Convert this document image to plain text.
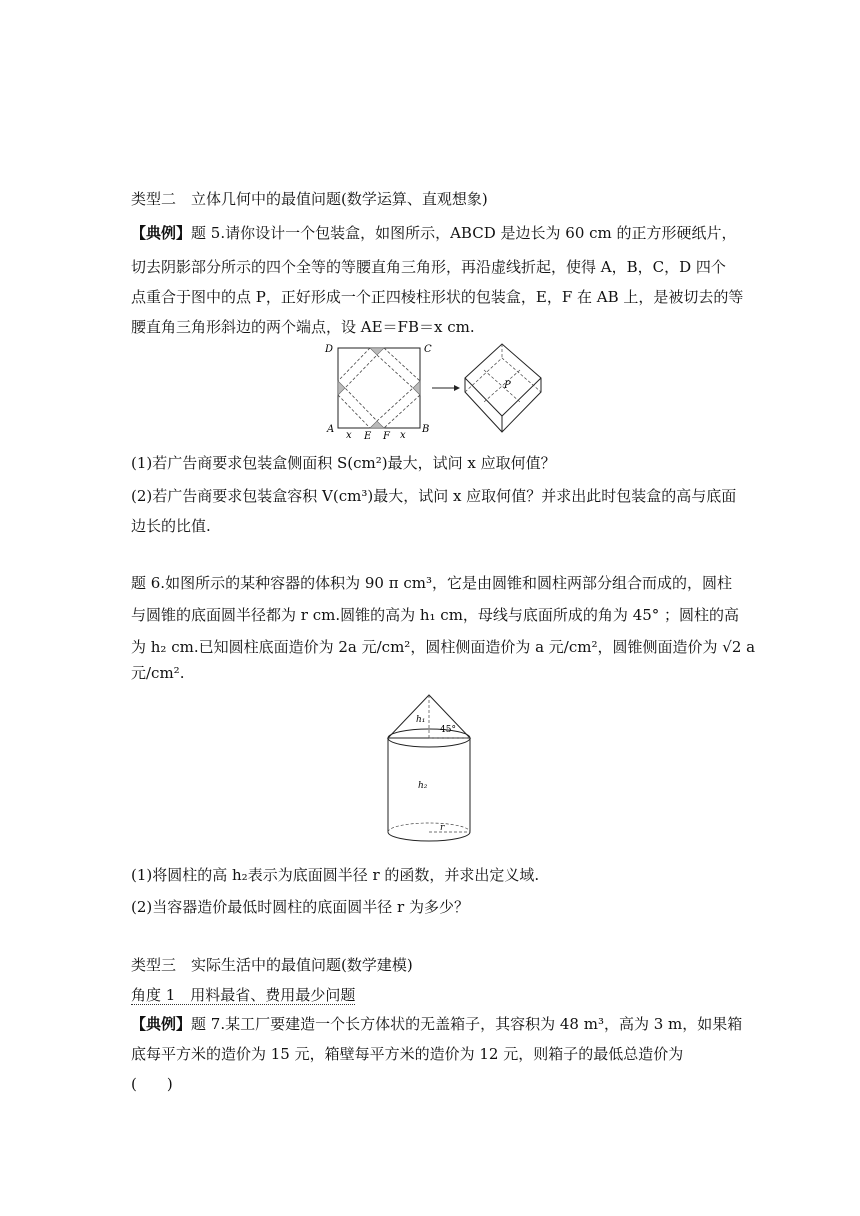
类型二　立体几何中的最值问题(数学运算、直观想象)
【典例】题 5.请你设计一个包装盒，如图所示，ABCD 是边长为 60 cm 的正方形硬纸片，
切去阴影部分所示的四个全等的等腰直角三角形，再沿虚线折起，使得 A，B，C，D 四个
点重合于图中的点 P，正好形成一个正四棱柱形状的包装盒，E，F 在 AB 上，是被切去的等
腰直角三角形斜边的两个端点，设 AE＝FB＝x cm.
D	C
A	B
x E F x
P
(1)若广告商要求包装盒侧面积 S(cm²)最大，试问 x 应取何值？
(2)若广告商要求包装盒容积 V(cm³)最大，试问 x 应取何值？并求出此时包装盒的高与底面
边长的比值.
题 6.如图所示的某种容器的体积为 90 π cm³，它是由圆锥和圆柱两部分组合而成的，圆柱
与圆锥的底面圆半径都为 r cm.圆锥的高为 h₁ cm，母线与底面所成的角为 45° ；圆柱的高
为 h₂ cm.已知圆柱底面造价为 2a 元/cm²，圆柱侧面造价为 a 元/cm²，圆锥侧面造价为 √2 a
元/cm².
h₁
45°
h₂
r
(1)将圆柱的高 h₂表示为底面圆半径 r 的函数，并求出定义域.
(2)当容器造价最低时圆柱的底面圆半径 r 为多少？
类型三　实际生活中的最值问题(数学建模)
角度 1　用料最省、费用最少问题
【典例】题 7.某工厂要建造一个长方体状的无盖箱子，其容积为 48 m³，高为 3 m，如果箱
底每平方米的造价为 15 元，箱壁每平方米的造价为 12 元，则箱子的最低总造价为
(　　)
